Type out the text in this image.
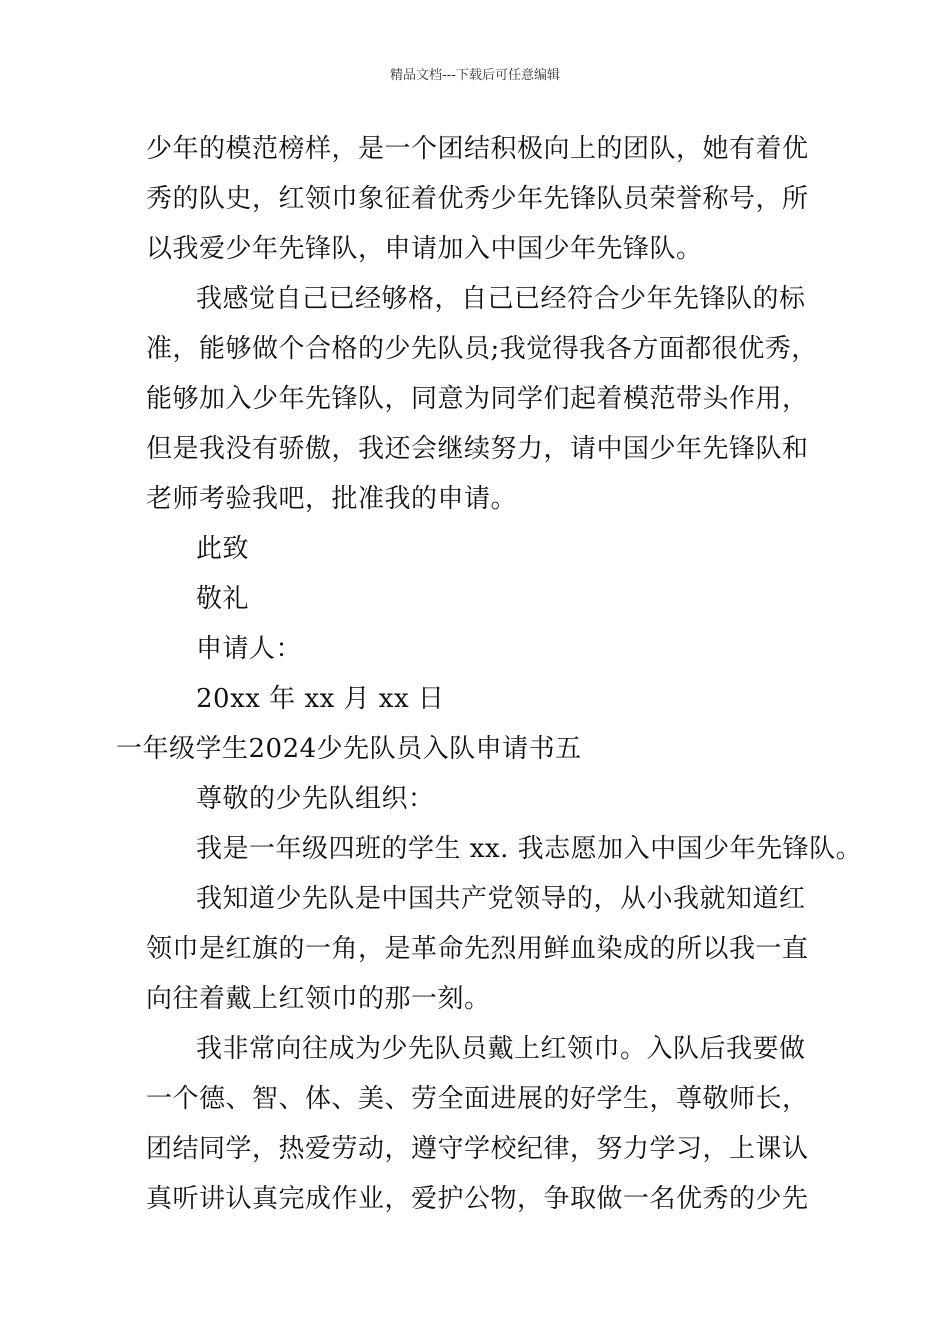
精品文档---下载后可任意编辑
少年的模范榜样，是一个团结积极向上的团队，她有着优
秀的队史，红领巾象征着优秀少年先锋队员荣誉称号，所
以我爱少年先锋队，申请加入中国少年先锋队。
我感觉自己已经够格，自己已经符合少年先锋队的标
准，能够做个合格的少先队员;我觉得我各方面都很优秀，
能够加入少年先锋队，同意为同学们起着模范带头作用，
但是我没有骄傲，我还会继续努力，请中国少年先锋队和
老师考验我吧，批准我的申请。
此致
敬礼
申请人：
20xx 年 xx 月 xx 日
一年级学生2024少先队员入队申请书五
尊敬的少先队组织：
我是一年级四班的学生 xx. 我志愿加入中国少年先锋队。
我知道少先队是中国共产党领导的，从小我就知道红
领巾是红旗的一角，是革命先烈用鲜血染成的所以我一直
向往着戴上红领巾的那一刻。
我非常向往成为少先队员戴上红领巾。入队后我要做
一个德、智、体、美、劳全面进展的好学生，尊敬师长，
团结同学，热爱劳动，遵守学校纪律，努力学习，上课认
真听讲认真完成作业，爱护公物，争取做一名优秀的少先
